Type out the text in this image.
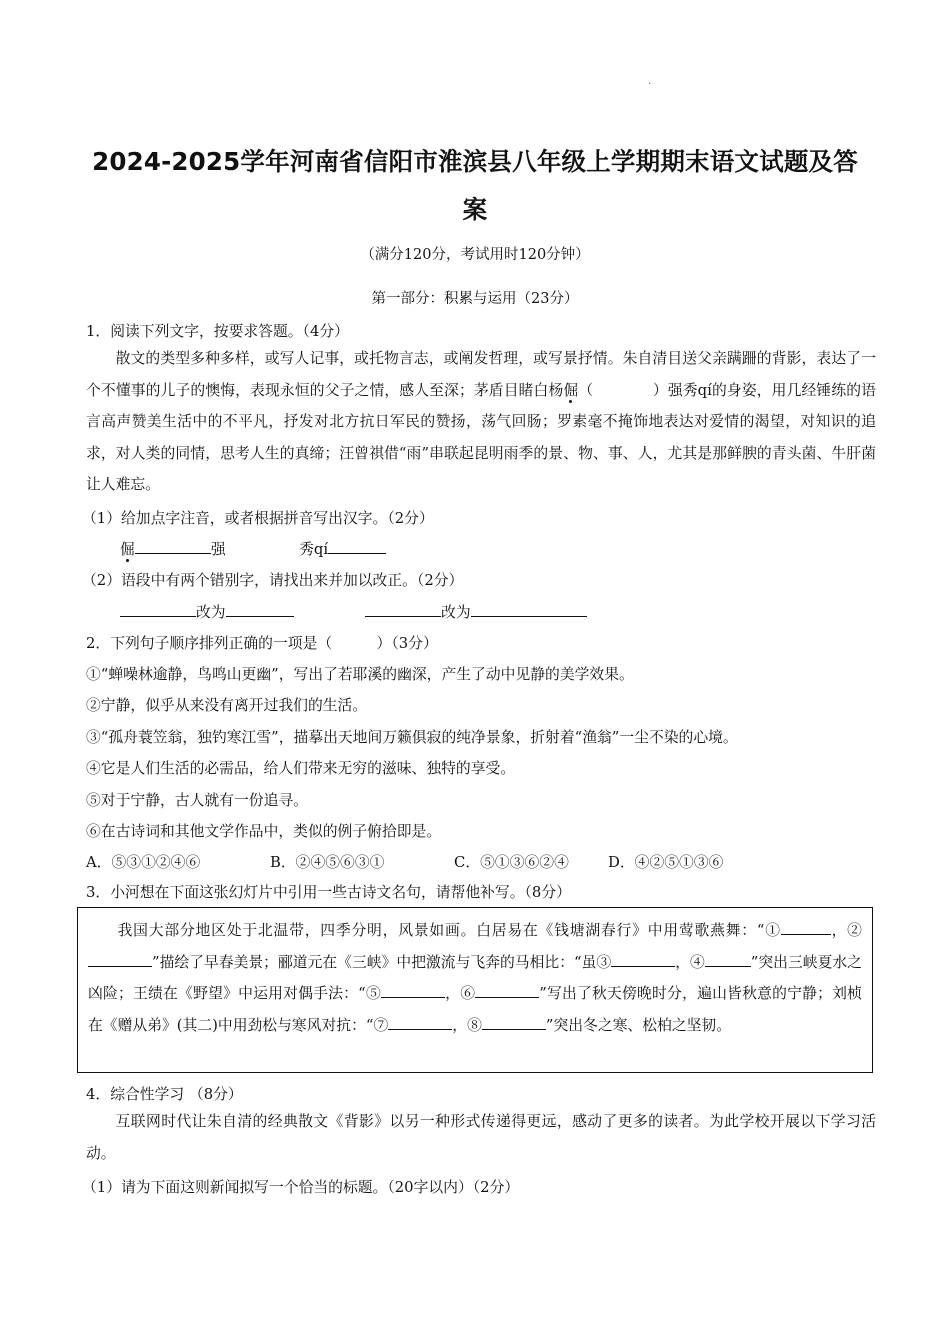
.
2024-2025学年河南省信阳市淮滨县八年级上学期期末语文试题及答
案
（满分120分，考试用时120分钟）
第一部分：积累与运用（23分）
1．阅读下列文字，按要求答题。（4分）
散文的类型多种多样，或写人记事，或托物言志，或阐发哲理，或写景抒情。朱自清目送父亲蹒跚的背影，表达了一个不懂事的儿子的懊悔，表现永恒的父子之情，感人至深；茅盾目睹白杨倔（　　　　）强秀qí的身姿，用几经锤练的语言高声赞美生活中的不平凡，抒发对北方抗日军民的赞扬，荡气回肠；罗素毫不掩饰地表达对爱情的渴望，对知识的追求，对人类的同情，思考人生的真缔；汪曾祺借“雨”串联起昆明雨季的景、物、事、人，尤其是那鲜腴的青头菌、牛肝菌让人难忘。
（1）给加点字注音，或者根据拼音写出汉字。（2分）
倔	强	秀qí
（2）语段中有两个错别字，请找出来并加以改正。（2分）
改为	改为
2．下列句子顺序排列正确的一项是（　　　）（3分）
①“蝉噪林逾静，鸟鸣山更幽”，写出了若耶溪的幽深，产生了动中见静的美学效果。
②宁静，似乎从来没有离开过我们的生活。
③“孤舟蓑笠翁，独钓寒江雪”，描摹出天地间万籁俱寂的纯净景象，折射着“渔翁”一尘不染的心境。
④它是人们生活的必需品，给人们带来无穷的滋味、独特的享受。
⑤对于宁静，古人就有一份追寻。
⑥在古诗词和其他文学作品中，类似的例子俯拾即是。
A．⑤③①②④⑥	B．②④⑤⑥③①	C．⑤①③⑥②④	D．④②⑤①③⑥
3．小河想在下面这张幻灯片中引用一些古诗文名句，请帮他补写。（8分）
我国大部分地区处于北温带，四季分明，风景如画。白居易在《钱塘湖春行》中用莺歌燕舞：“①	，②”描绘了早春美景；郦道元在《三峡》中把激流与飞奔的马相比：“虽③	，④	”突出三峡夏水之凶险；王绩在《野望》中运用对偶手法：“⑤	，⑥	”写出了秋天傍晚时分，遍山皆秋意的宁静；刘桢在《赠从弟》(其二)中用劲松与寒风对抗：“⑦	，⑧	”突出冬之寒、松柏之坚韧。
4．综合性学习 （8分）
互联网时代让朱自清的经典散文《背影》以另一种形式传递得更远，感动了更多的读者。为此学校开展以下学习活动。
（1）请为下面这则新闻拟写一个恰当的标题。（20字以内）（2分）
